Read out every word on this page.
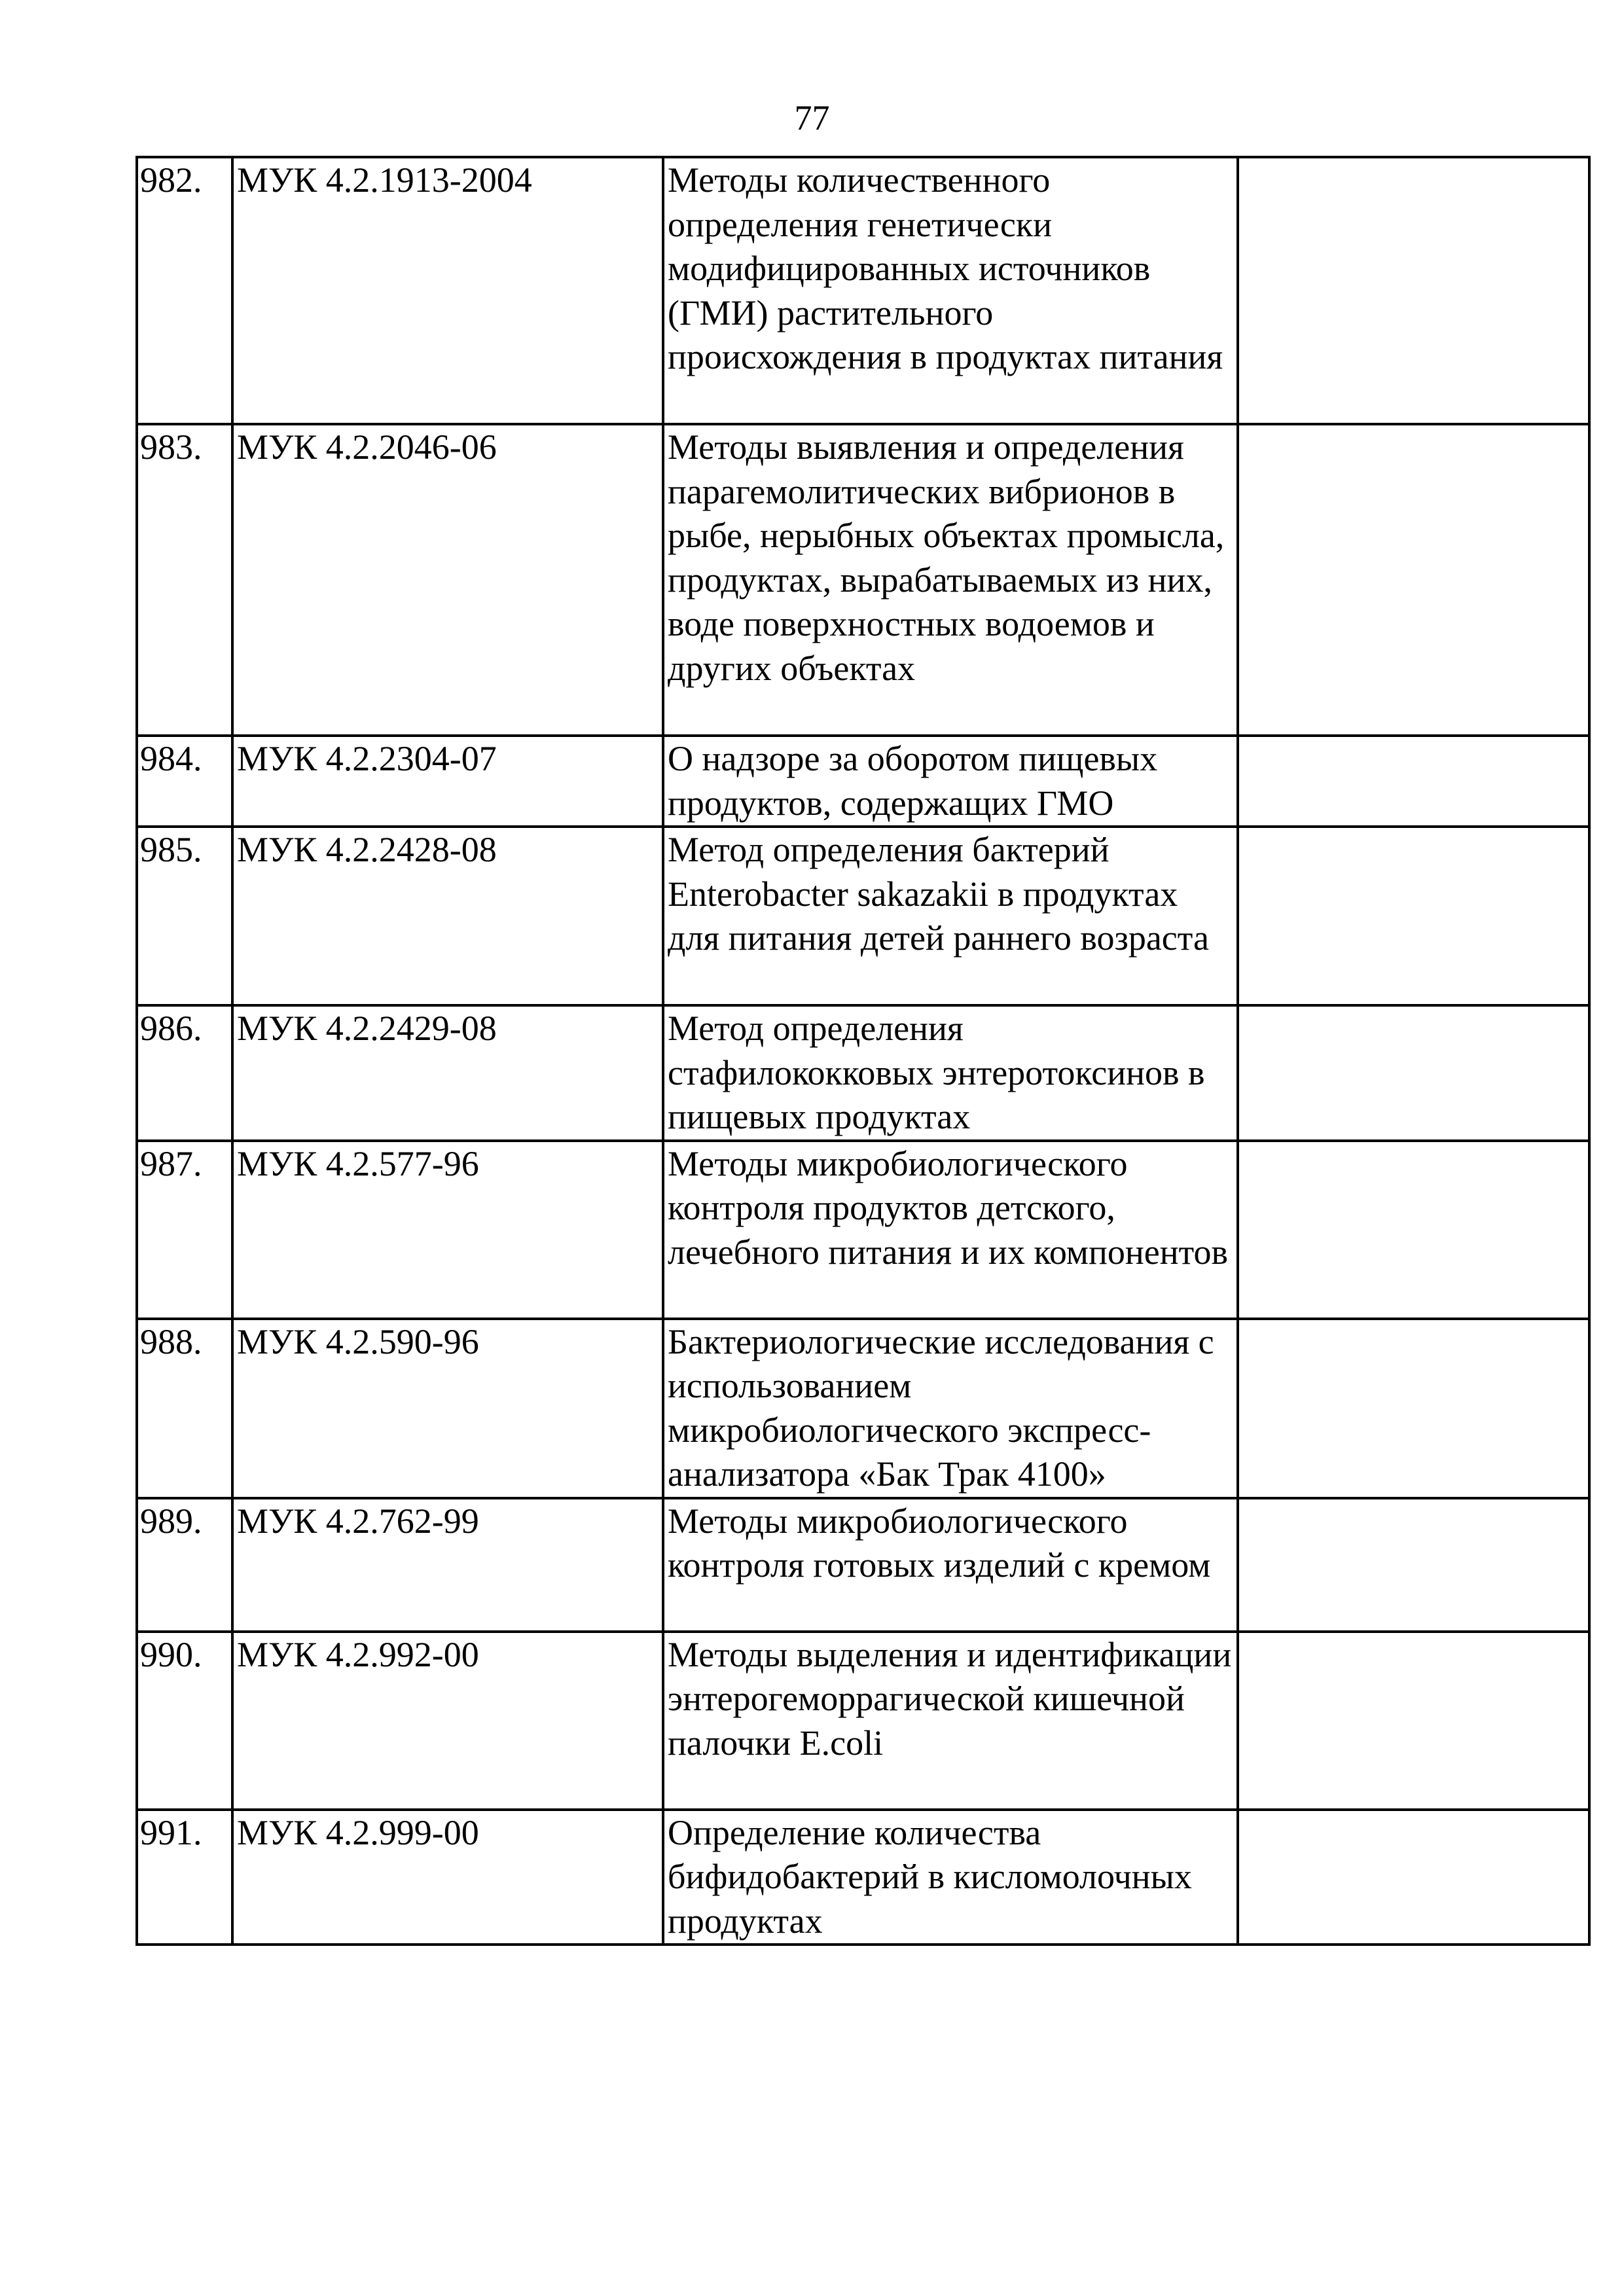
77
982.	МУК 4.2.1913-2004	Методы количественного определения генетически модифицированных источников (ГМИ) растительного происхождения в продуктах питания	
983.	МУК 4.2.2046-06	Методы выявления и определения парагемолитических вибрионов в рыбе, нерыбных объектах промысла, продуктах, вырабатываемых из них, воде поверхностных водоемов и других объектах	
984.	МУК 4.2.2304-07	О надзоре за оборотом пищевых продуктов, содержащих ГМО	
985.	МУК 4.2.2428-08	Метод определения бактерий Enterobacter sakazakii в продуктах для питания детей раннего возраста	
986.	МУК 4.2.2429-08	Метод определения стафилококковых энтеротоксинов в пищевых продуктах	
987.	МУК 4.2.577-96	Методы микробиологического контроля продуктов детского, лечебного питания и их компонентов	
988.	МУК 4.2.590-96	Бактериологические исследования с использованием микробиологического экспресс-анализатора «Бак Трак 4100»	
989.	МУК 4.2.762-99	Методы микробиологического контроля готовых изделий с кремом	
990.	МУК 4.2.992-00	Методы выделения и идентификации энтерогеморрагической кишечной палочки E.coli	
991.	МУК 4.2.999-00	Определение количества бифидобактерий в кисломолочных продуктах	
